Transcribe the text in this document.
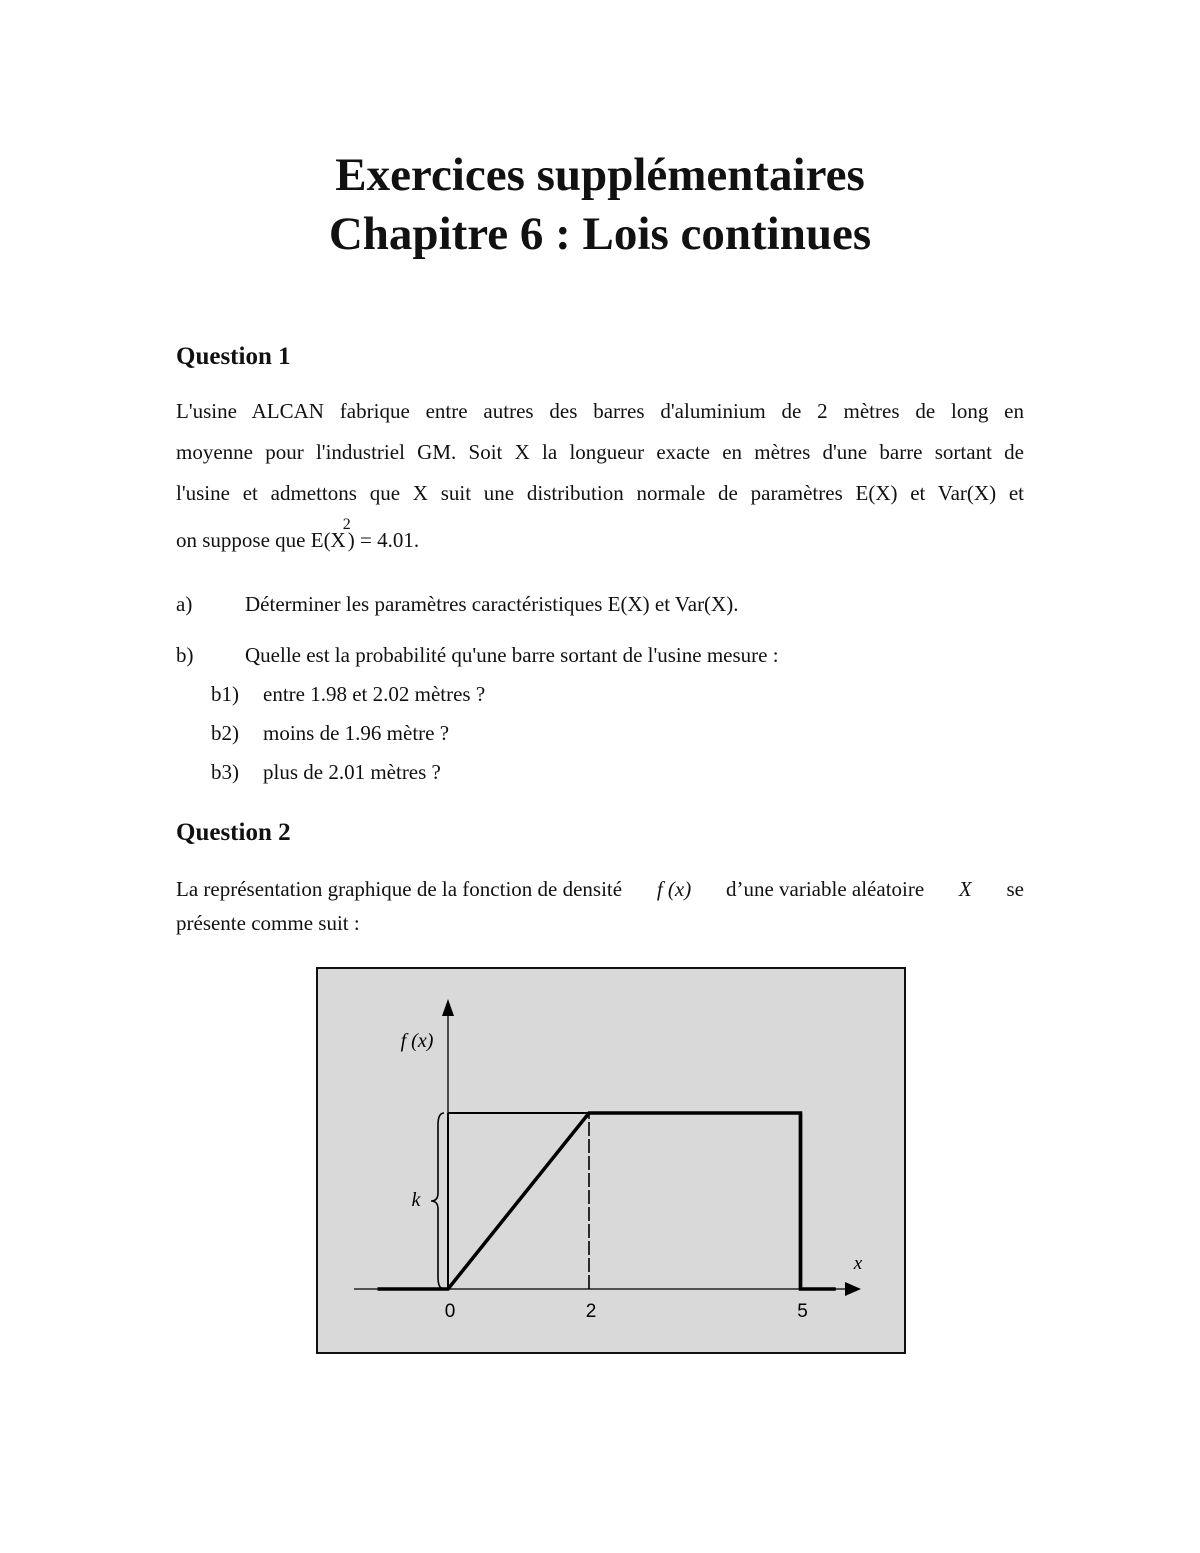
Exercices supplémentaires
Chapitre 6 : Lois continues
Question 1
L'usine ALCAN fabrique entre autres des barres d'aluminium de 2 mètres de long en
moyenne pour l'industriel GM. Soit X la longueur exacte en mètres d'une barre sortant de
l'usine et admettons que X suit une distribution normale de paramètres E(X) et Var(X) et
on suppose que $E(X^2) = 4.01$.
a)	Déterminer les paramètres caractéristiques E(X) et Var(X).
b) Quelle est la probabilité qu'une barre sortant de l'usine mesure :
b1) entre 1.98 et 2.02 mètres ?
b2) moins de 1.96 mètre ?
b3) plus de 2.01 mètres ?
Question 2
La représentation graphique de la fonction de densité f (x) d’une variable aléatoire X se
présente comme suit :
k
f (x)
x
0	2	5
